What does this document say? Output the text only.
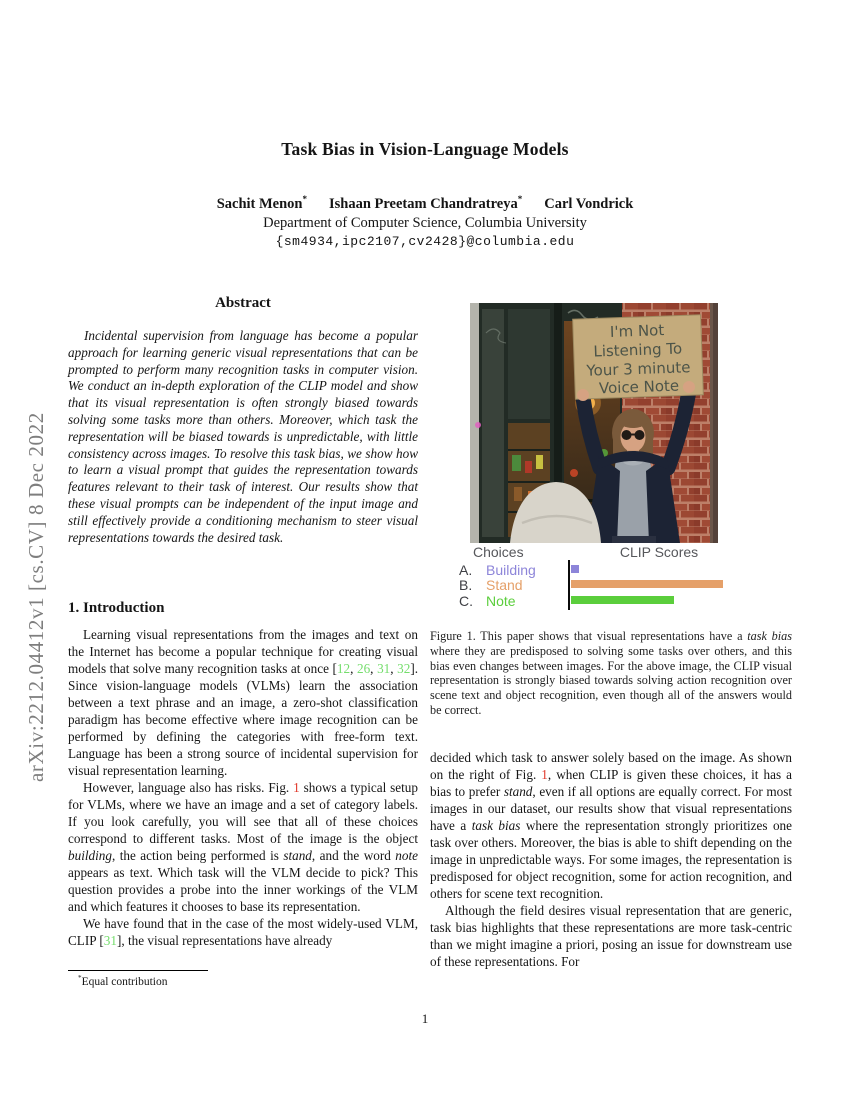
arXiv:2212.04412v1 [cs.CV] 8 Dec 2022
Task Bias in Vision-Language Models
Sachit Menon* Ishaan Preetam Chandratreya* Carl Vondrick
Department of Computer Science, Columbia University
{sm4934,ipc2107,cv2428}@columbia.edu
Abstract
Incidental supervision from language has become a popular approach for learning generic visual representations that can be prompted to perform many recognition tasks in computer vision. We conduct an in-depth exploration of the CLIP model and show that its visual representation is often strongly biased towards solving some tasks more than others. Moreover, which task the representation will be biased towards is unpredictable, with little consistency across images. To resolve this task bias, we show how to learn a visual prompt that guides the representation towards features relevant to their task of interest. Our results show that these visual prompts can be independent of the input image and still effectively provide a conditioning mechanism to steer visual representations towards the desired task.
1. Introduction

Learning visual representations from the images and text on the Internet has become a popular technique for creating visual models that solve many recognition tasks at once [12, 26, 31, 32]. Since vision-language models (VLMs) learn the association between a text phrase and an image, a zero-shot classification paradigm has become effective where image recognition can be performed by defining the categories with free-form text. Language has been a strong source of incidental supervision for visual representation learning.

However, language also has risks. Fig. 1 shows a typical setup for VLMs, where we have an image and a set of category labels. If you look carefully, you will see that all of these choices correspond to different tasks. Most of the image is the object building, the action being performed is stand, and the word note appears as text. Which task will the VLM decide to pick? This question provides a probe into the inner workings of the VLM and which features it chooses to base its representation.

We have found that in the case of the most widely-used VLM, CLIP [31], the visual representations have already

*Equal contribution
1
I'm Not
Listening To
Your 3 minute
Voice Note
Choices	CLIP Scores
A. Building
B. Stand
C. Note
Figure 1. This paper shows that visual representations have a task bias where they are predisposed to solving some tasks over others, and this bias even changes between images. For the above image, the CLIP visual representation is strongly biased towards solving action recognition over scene text and object recognition, even though all of the answers would be correct.

decided which task to answer solely based on the image. As shown on the right of Fig. 1, when CLIP is given these choices, it has a bias to prefer stand, even if all options are equally correct. For most images in our dataset, our results show that visual representations have a task bias where the representation strongly prioritizes one task over others. Moreover, the bias is able to shift depending on the image in unpredictable ways. For some images, the representation is predisposed for object recognition, some for action recognition, and others for scene text recognition.

Although the field desires visual representation that are generic, task bias highlights that these representations are more task-centric than we might imagine a priori, posing an issue for downstream use of these representations. For
